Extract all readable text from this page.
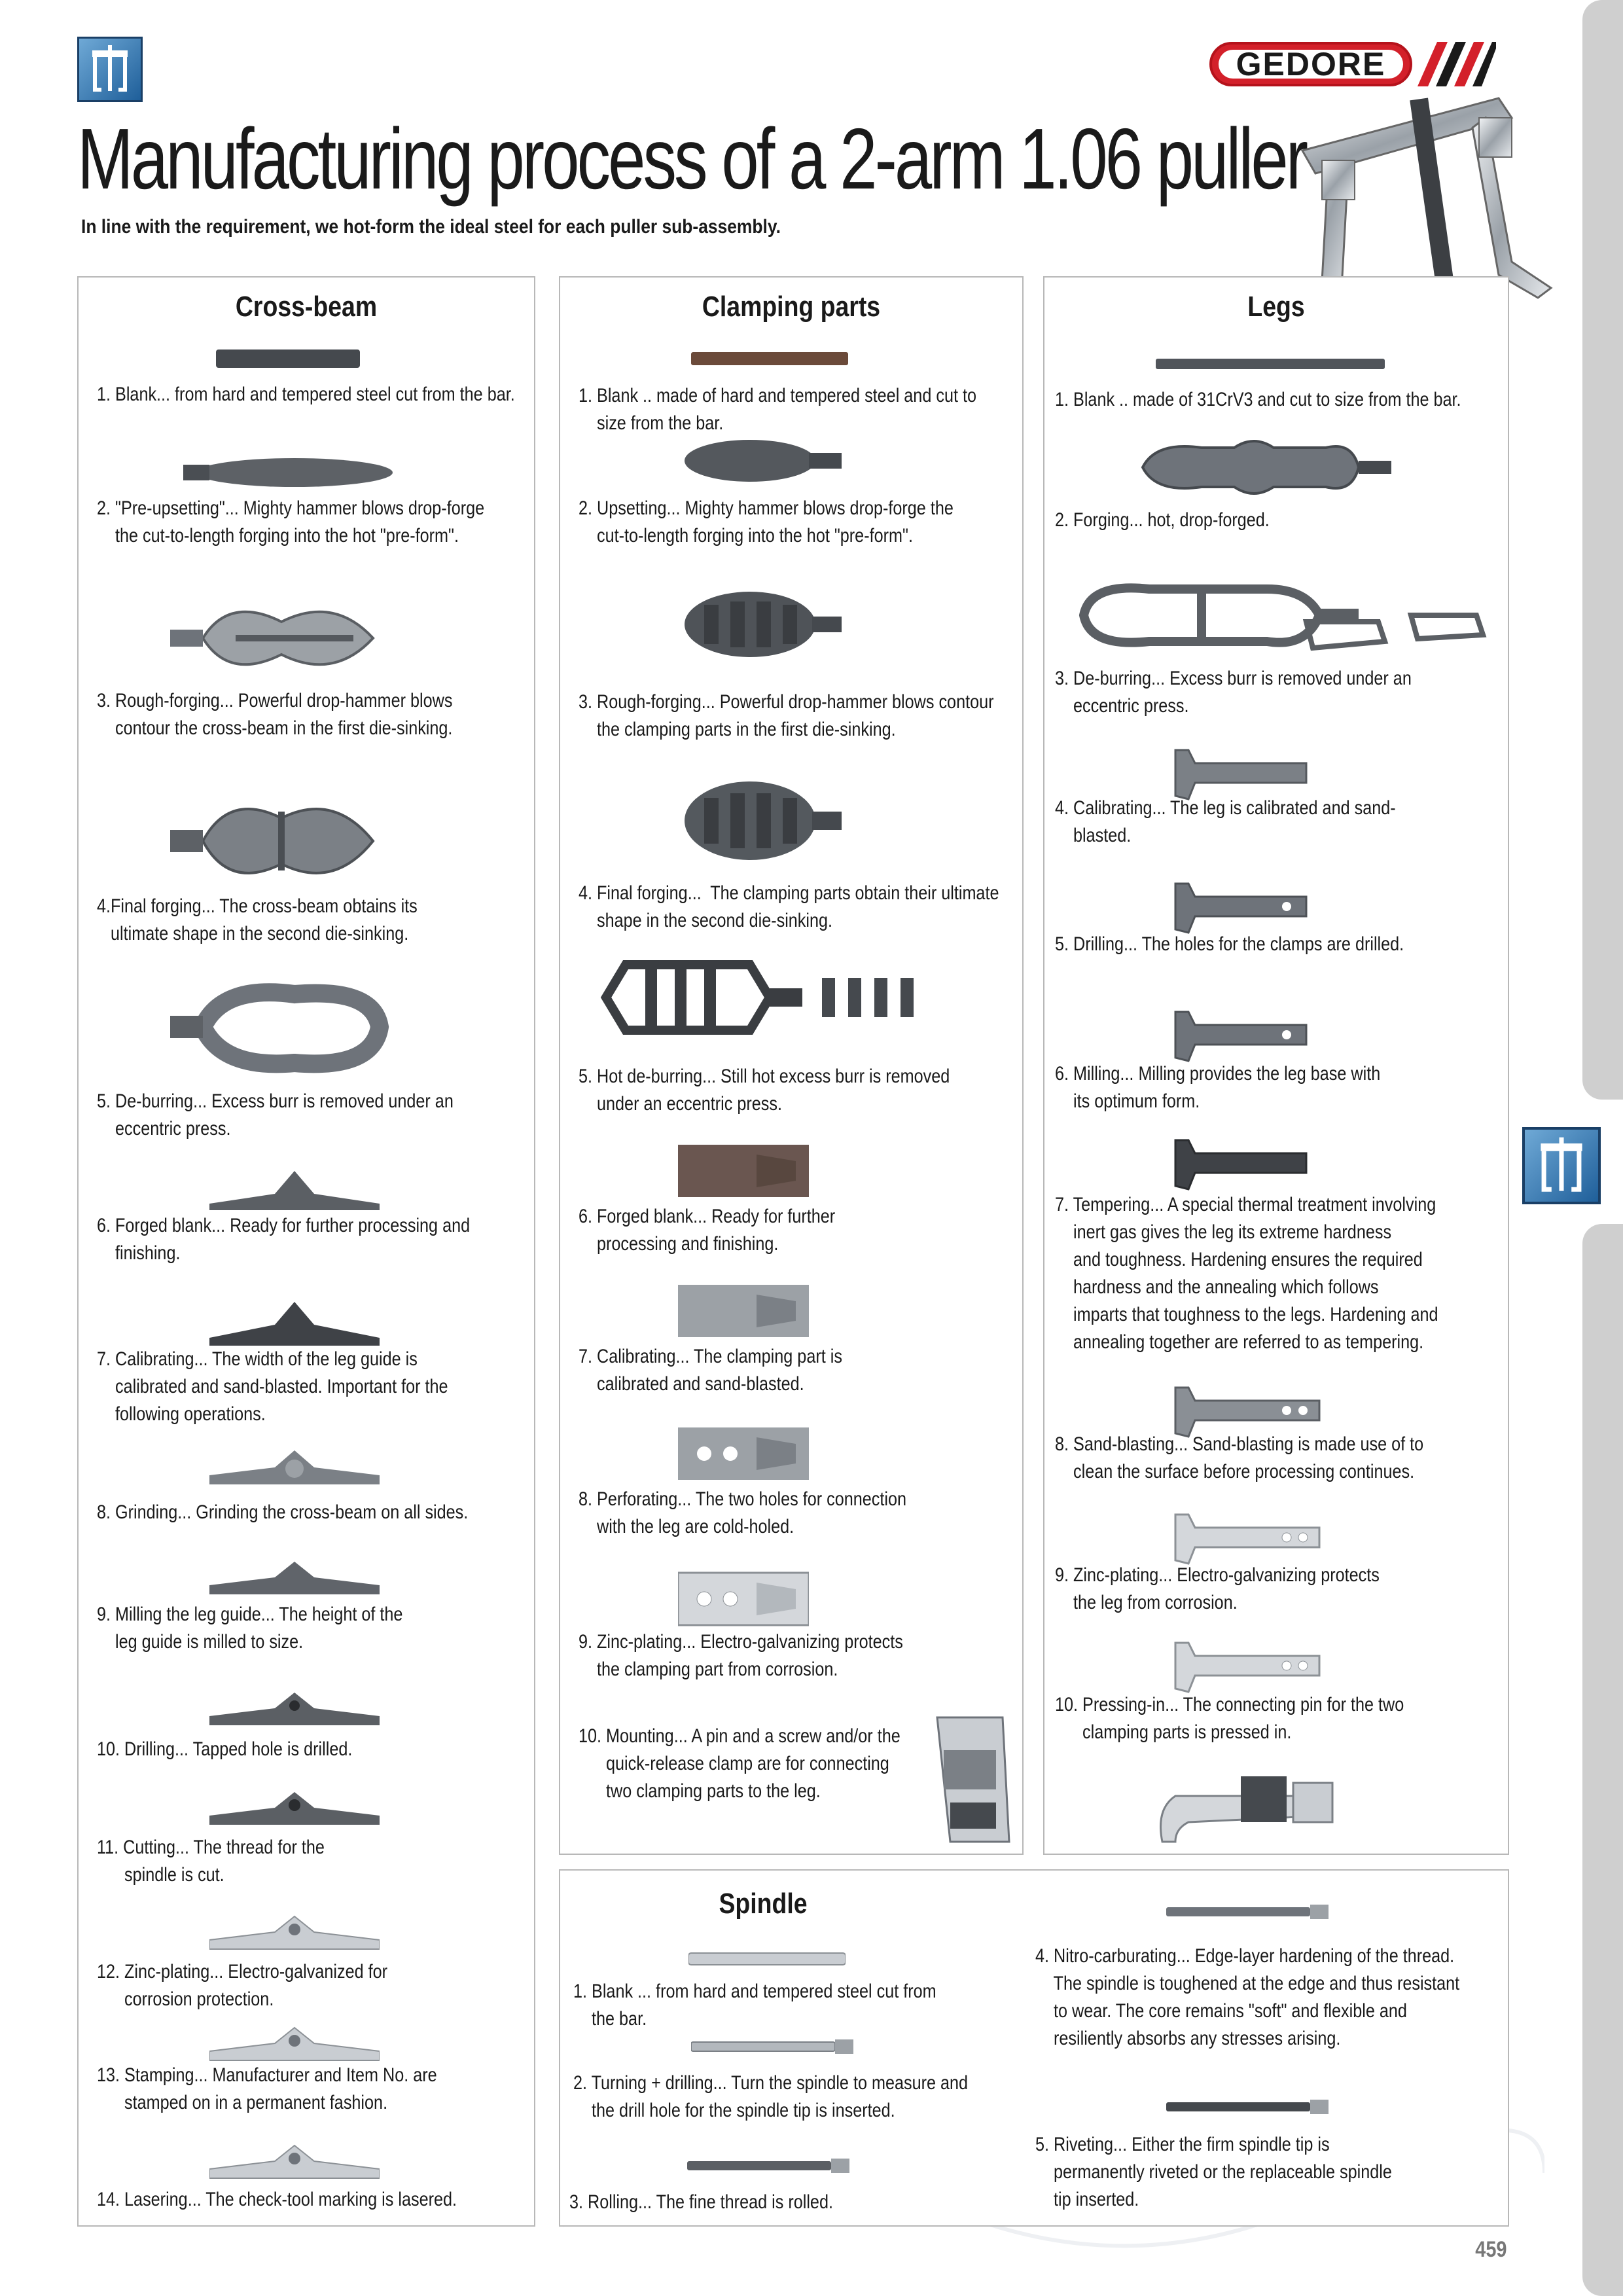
GEDORE
Manufacturing process of a 2-arm 1.06 puller
In line with the requirement, we hot-form the ideal steel for each puller sub-assembly.
Cross-beam
1. Blank... from hard and tempered steel cut from the bar.
2. "Pre-upsetting"... Mighty hammer blows drop-forge
the cut-to-length forging into the hot "pre-form".
3. Rough-forging... Powerful drop-hammer blows
contour the cross-beam in the first die-sinking.
4.Final forging... The cross-beam obtains its
ultimate shape in the second die-sinking.
5. De-burring... Excess burr is removed under an
eccentric press.
6. Forged blank... Ready for further processing and
finishing.
7. Calibrating... The width of the leg guide is
calibrated and sand-blasted. Important for the
following operations.
8. Grinding... Grinding the cross-beam on all sides.
9. Milling the leg guide... The height of the
leg guide is milled to size.
10. Drilling... Tapped hole is drilled.
11. Cutting... The thread for the
spindle is cut.
12. Zinc-plating... Electro-galvanized for
corrosion protection.
13. Stamping... Manufacturer and Item No. are
stamped on in a permanent fashion.
14. Lasering... The check-tool marking is lasered.
Clamping parts
1. Blank .. made of hard and tempered steel and cut to
size from the bar.
2. Upsetting... Mighty hammer blows drop-forge the
cut-to-length forging into the hot "pre-form".
3. Rough-forging... Powerful drop-hammer blows contour
the clamping parts in the first die-sinking.
4. Final forging...  The clamping parts obtain their ultimate
shape in the second die-sinking.
5. Hot de-burring... Still hot excess burr is removed
under an eccentric press.
6. Forged blank... Ready for further
processing and finishing.
7. Calibrating... The clamping part is
calibrated and sand-blasted.
8. Perforating... The two holes for connection
with the leg are cold-holed.
9. Zinc-plating... Electro-galvanizing protects
the clamping part from corrosion.
10. Mounting... A pin and a screw and/or the
quick-release clamp are for connecting
two clamping parts to the leg.
Legs
1. Blank .. made of 31CrV3 and cut to size from the bar.
2. Forging... hot, drop-forged.
3. De-burring... Excess burr is removed under an
eccentric press.
4. Calibrating... The leg is calibrated and sand-
blasted.
5. Drilling... The holes for the clamps are drilled.
6. Milling... Milling provides the leg base with
its optimum form.
7. Tempering... A special thermal treatment involving
inert gas gives the leg its extreme hardness
and toughness. Hardening ensures the required
hardness and the annealing which follows
imparts that toughness to the legs. Hardening and
annealing together are referred to as tempering.
8. Sand-blasting... Sand-blasting is made use of to
clean the surface before processing continues.
9. Zinc-plating... Electro-galvanizing protects
the leg from corrosion.
10. Pressing-in... The connecting pin for the two
clamping parts is pressed in.
Spindle
1. Blank ... from hard and tempered steel cut from
the bar.
2. Turning + drilling... Turn the spindle to measure and
the drill hole for the spindle tip is inserted.
3. Rolling... The fine thread is rolled.
4. Nitro-carburating... Edge-layer hardening of the thread.
The spindle is toughened at the edge and thus resistant
to wear. The core remains "soft" and flexible and
resiliently absorbs any stresses arising.
5. Riveting... Either the firm spindle tip is
permanently riveted or the replaceable spindle
tip inserted.
459
